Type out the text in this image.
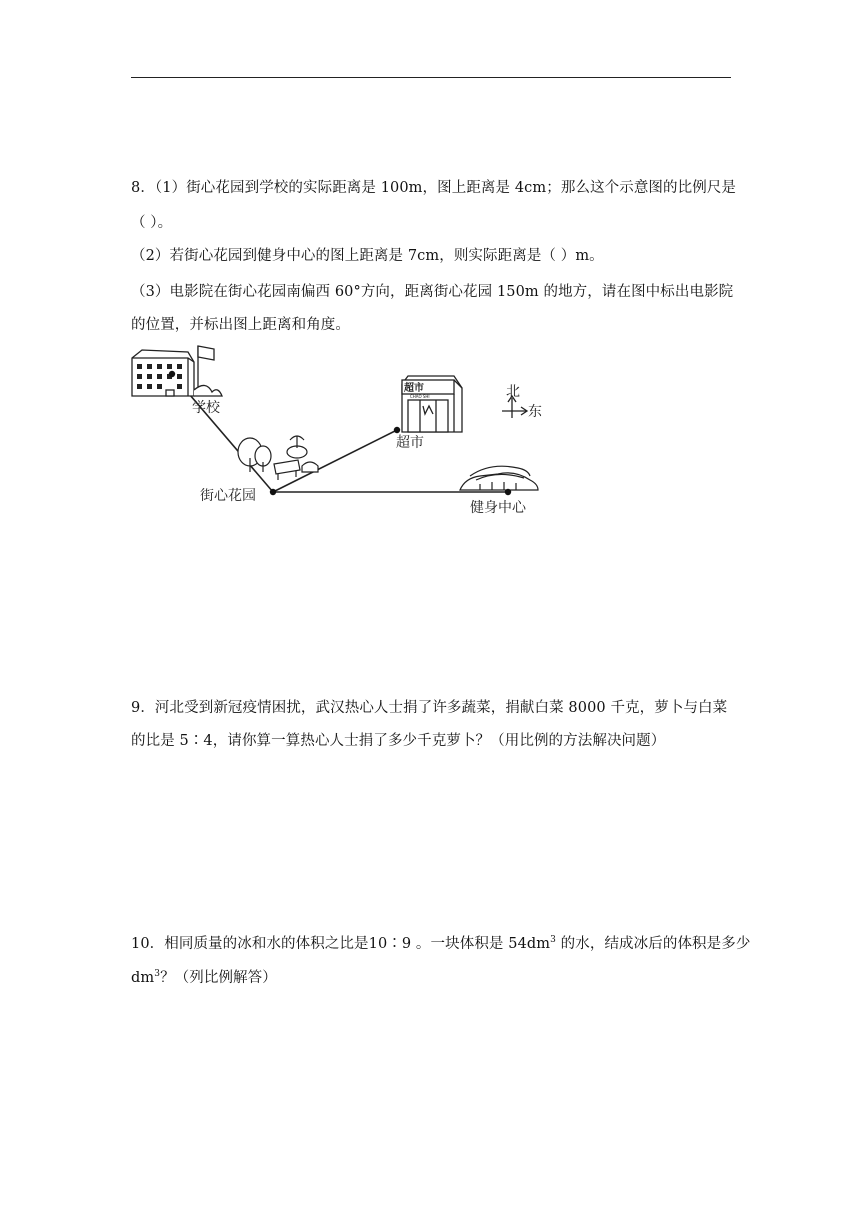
8．（1）街心花园到学校的实际距离是 100m，图上距离是 4cm；那么这个示意图的比例尺是
（ ）。
（2）若街心花园到健身中心的图上距离是 7cm，则实际距离是（ ）m。
（3）电影院在街心花园南偏西 60°方向，距离街心花园 150m 的地方，请在图中标出电影院
的位置，并标出图上距离和角度。
学校
街心花园
超市
CHAO SHI
超市
北
东
健身中心
9．河北受到新冠疫情困扰，武汉热心人士捐了许多蔬菜，捐献白菜 8000 千克，萝卜与白菜
的比是 5∶4，请你算一算热心人士捐了多少千克萝卜？（用比例的方法解决问题）
10．相同质量的冰和水的体积之比是10∶9 。一块体积是 $54dm^3$ 的水，结成冰后的体积是多少
$dm^3$？（列比例解答）
